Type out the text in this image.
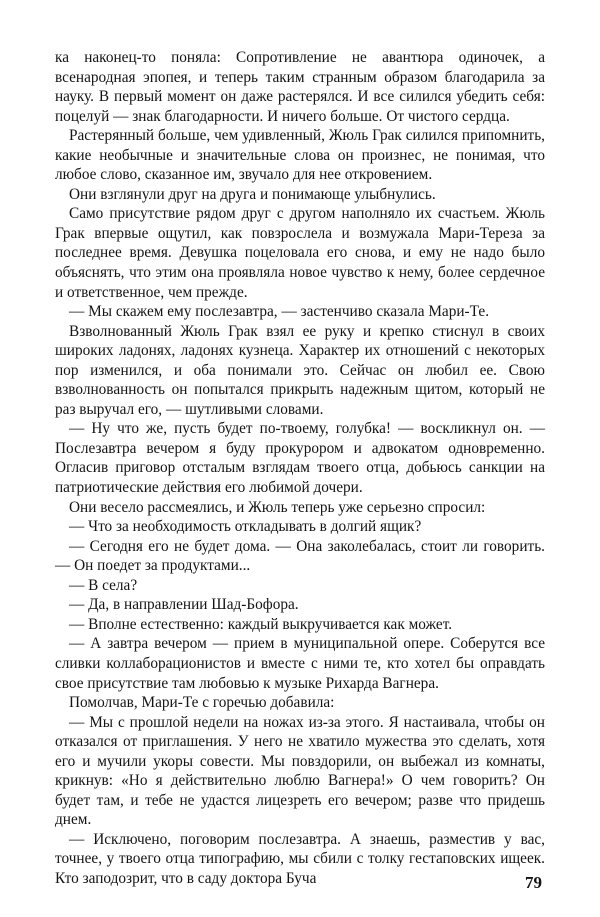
ка наконец-то поняла: Сопротивление не авантюра одиночек, а всенародная эпопея, и теперь таким странным образом благодарила за науку. В первый момент он даже растерялся. И все силился убедить себя: поцелуй — знак благодарности. И ничего больше. От чистого сердца.

Растерянный больше, чем удивленный, Жюль Грак силился припомнить, какие необычные и значительные слова он произнес, не понимая, что любое слово, сказанное им, звучало для нее откровением.

Они взглянули друг на друга и понимающе улыбнулись.

Само присутствие рядом друг с другом наполняло их счастьем. Жюль Грак впервые ощутил, как повзрослела и возмужала Мари-Тереза за последнее время. Девушка поцеловала его снова, и ему не надо было объяснять, что этим она проявляла новое чувство к нему, более сердечное и ответственное, чем прежде.

— Мы скажем ему послезавтра, — застенчиво сказала Мари-Те.

Взволнованный Жюль Грак взял ее руку и крепко стиснул в своих широких ладонях, ладонях кузнеца. Характер их отношений с некоторых пор изменился, и оба понимали это. Сейчас он любил ее. Свою взволнованность он попытался прикрыть надежным щитом, который не раз выручал его, — шутливыми словами.

— Ну что же, пусть будет по-твоему, голубка! — воскликнул он. — Послезавтра вечером я буду прокурором и адвокатом одновременно. Огласив приговор отсталым взглядам твоего отца, добьюсь санкции на патриотические действия его любимой дочери.

Они весело рассмеялись, и Жюль теперь уже серьезно спросил:

— Что за необходимость откладывать в долгий ящик?

— Сегодня его не будет дома. — Она заколебалась, стоит ли говорить. — Он поедет за продуктами...

— В села?

— Да, в направлении Шад-Бофора.

— Вполне естественно: каждый выкручивается как может.

— А завтра вечером — прием в муниципальной опере. Соберутся все сливки коллаборационистов и вместе с ними те, кто хотел бы оправдать свое присутствие там любовью к музыке Рихарда Вагнера.

Помолчав, Мари-Те с горечью добавила:

— Мы с прошлой недели на ножах из-за этого. Я настаивала, чтобы он отказался от приглашения. У него не хватило мужества это сделать, хотя его и мучили укоры совести. Мы повздорили, он выбежал из комнаты, крикнув: «Но я действительно люблю Вагнера!» О чем говорить? Он будет там, и тебе не удастся лицезреть его вечером; разве что придешь днем.

— Исключено, поговорим послезавтра. А знаешь, разместив у вас, точнее, у твоего отца типографию, мы сбили с толку гестаповских ищеек. Кто заподозрит, что в саду доктора Буча	79
